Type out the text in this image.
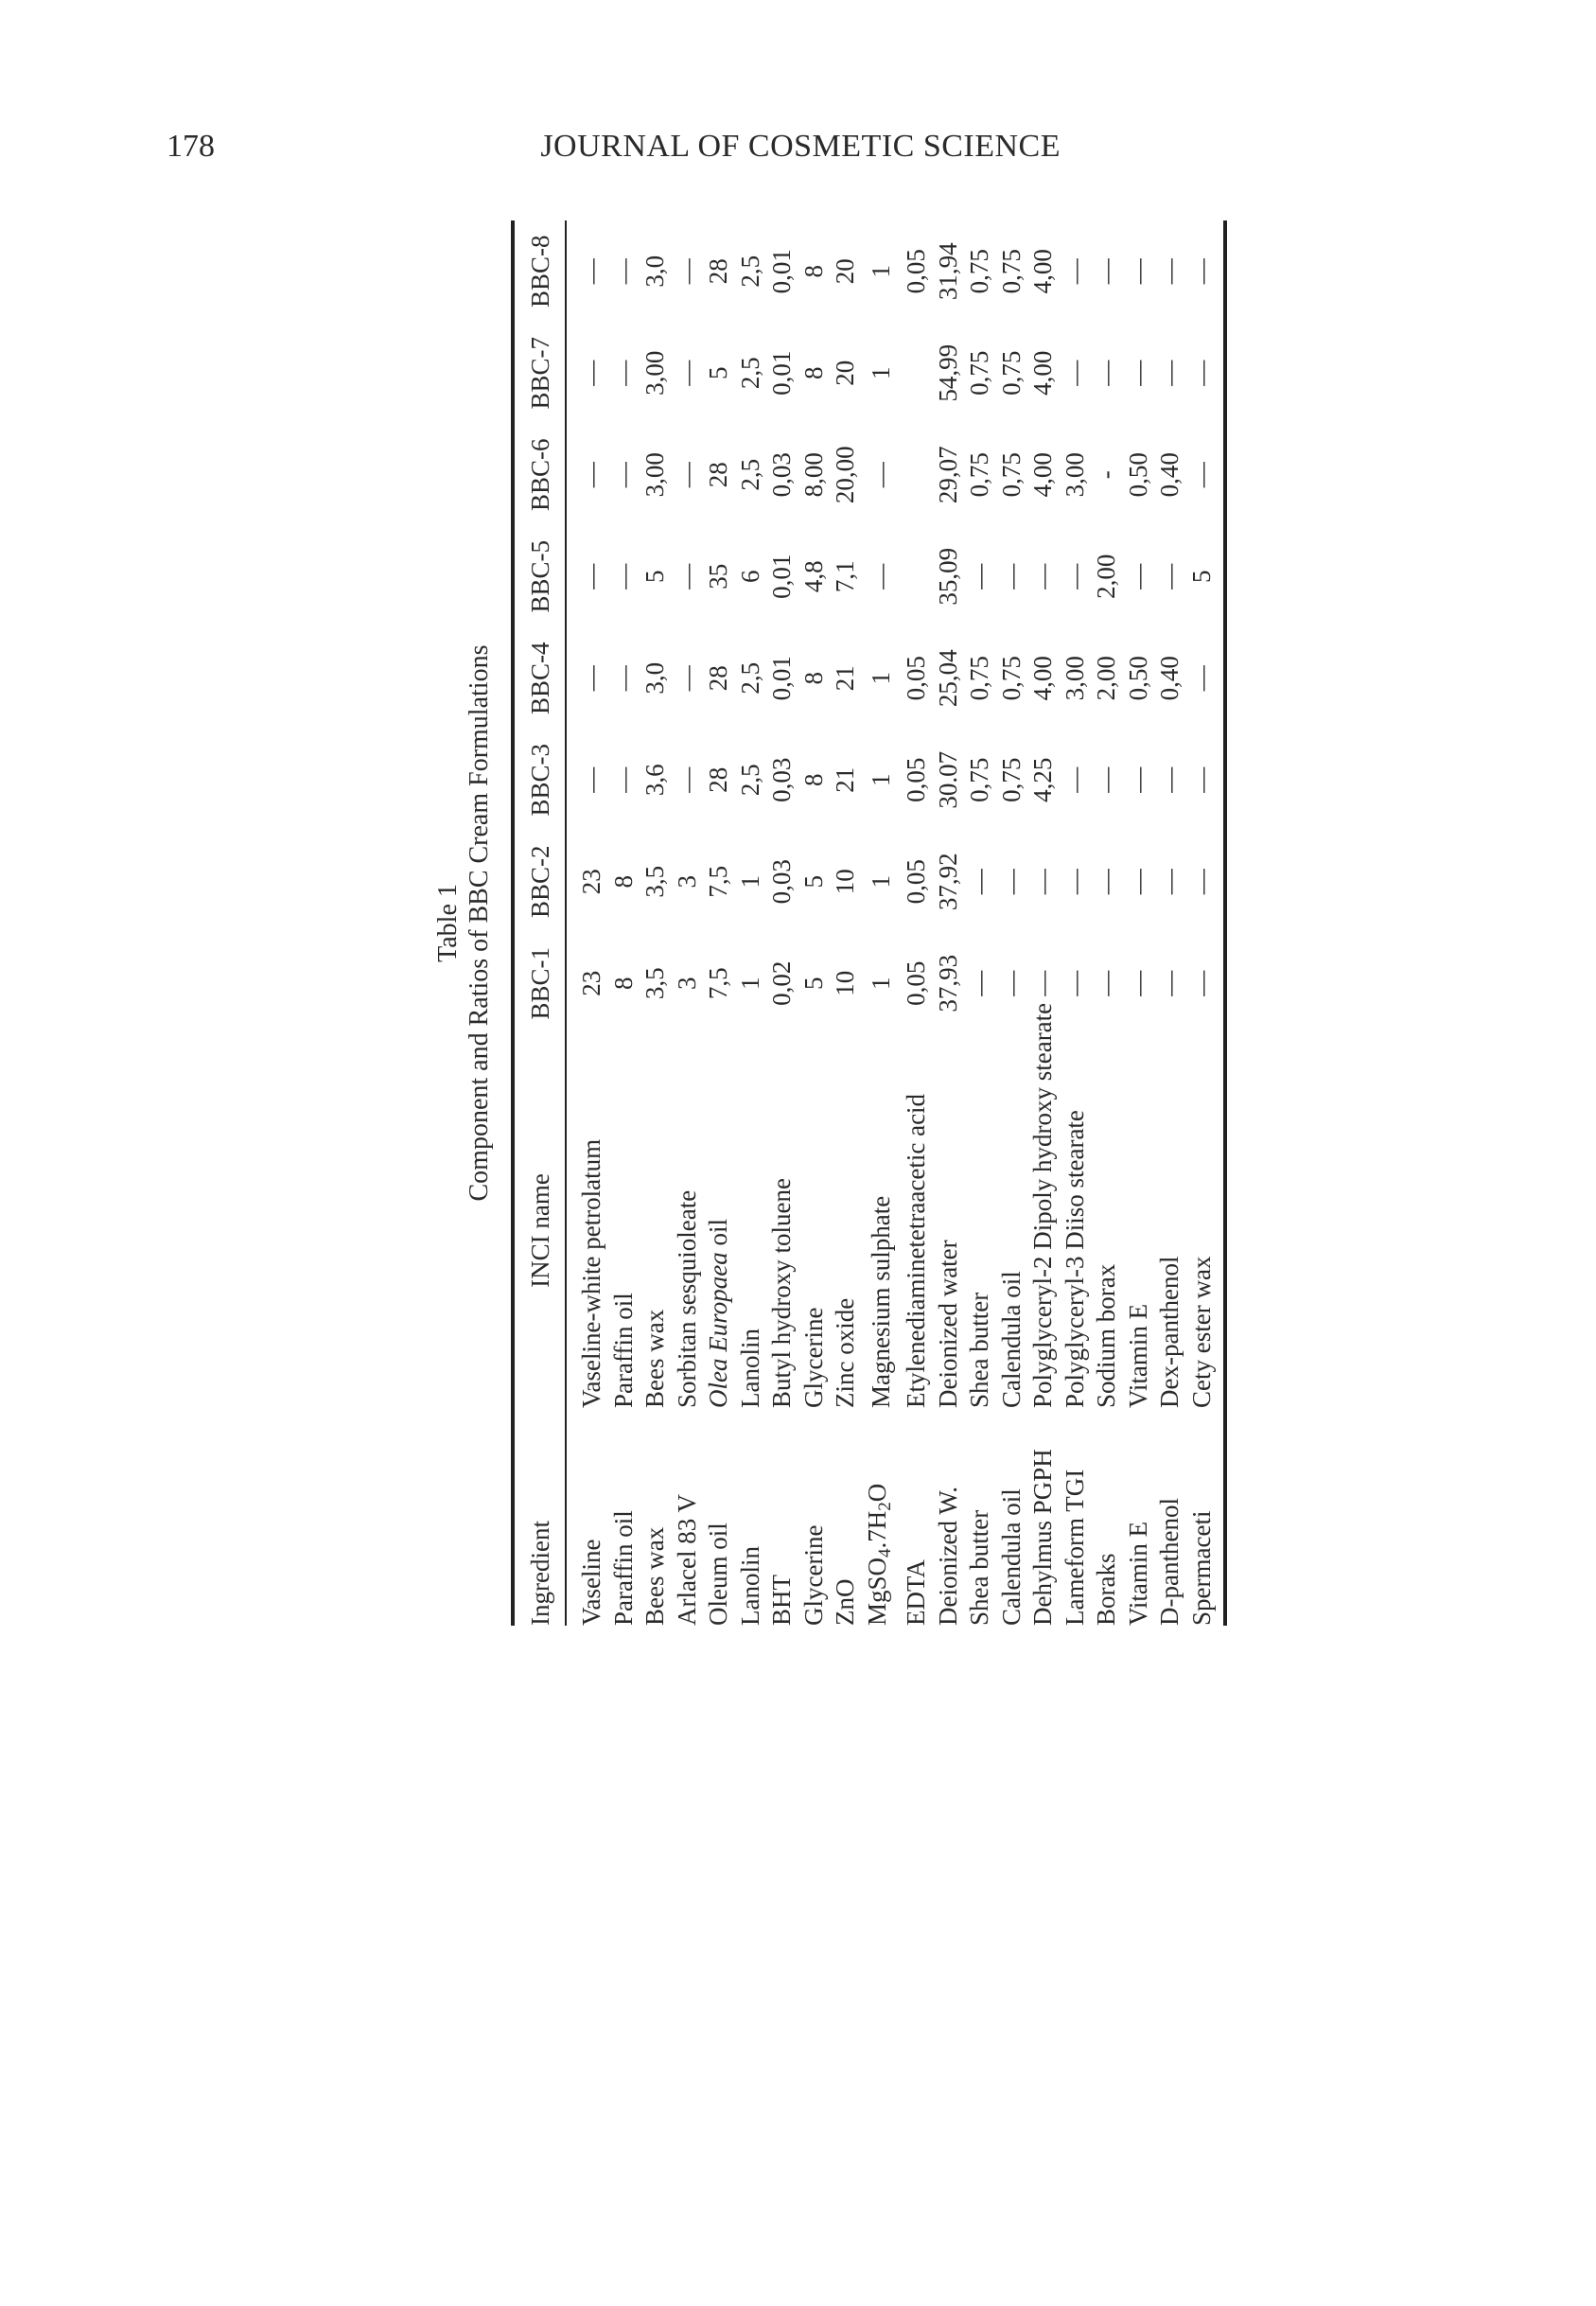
178	JOURNAL OF COSMETIC SCIENCE
Table 1 Component and Ratios of BBC Cream Formulations
Ingredient	INCI name	BBC-1	BBC-2	BBC-3	BBC-4	BBC-5	BBC-6	BBC-7	BBC-8

Vaseline	Vaseline-white petrolatum	23	23	—	—	—	—	—	—
Paraffin oil	Paraffin oil	8	8	—	—	—	—	—	—
Bees wax	Bees wax	3,5	3,5	3,6	3,0	5	3,00	3,00	3,0
Arlacel 83 V	Sorbitan sesquioleate	3	3	—	—	—	—	—	—
Oleum oil	Olea Europaea oil	7,5	7,5	28	28	35	28	5	28
Lanolin	Lanolin	1	1	2,5	2,5	6	2,5	2,5	2,5
BHT	Butyl hydroxy toluene	0,02	0,03	0,03	0,01	0,01	0,03	0,01	0,01
Glycerine	Glycerine	5	5	8	8	4,8	8,00	8	8
ZnO	Zinc oxide	10	10	21	21	7,1	20,00	20	20
$MgSO_4.7H_2O$	Magnesium sulphate	1	1	1	1	—	—	1	1
EDTA	Etylenediaminetetraacetic acid	0,05	0,05	0,05	0,05				0,05
Deionized W.	Deionized water	37,93	37,92	30.07	25,04	35,09	29,07	54,99	31,94
Shea butter	Shea butter	—	—	0,75	0,75	—	0,75	0,75	0,75
Calendula oil	Calendula oil	—	—	0,75	0,75	—	0,75	0,75	0,75
Dehylmus PGPH	Polyglyceryl-2 Dipoly hydroxy stearate	—	—	4,25	4,00	—	4,00	4,00	4,00
Lameform TGI	Polyglyceryl-3 Diiso stearate	—	—	—	3,00	—	3,00	—	—
Boraks	Sodium borax	—	—	—	2,00	2,00	-	—	—
Vitamin E	Vitamin E	—	—	—	0,50	—	0,50	—	—
D-panthenol	Dex-panthenol	—	—	—	0,40	—	0,40	—	—
Spermaceti	Cety ester wax	—	—	—	—	5	—	—	—
